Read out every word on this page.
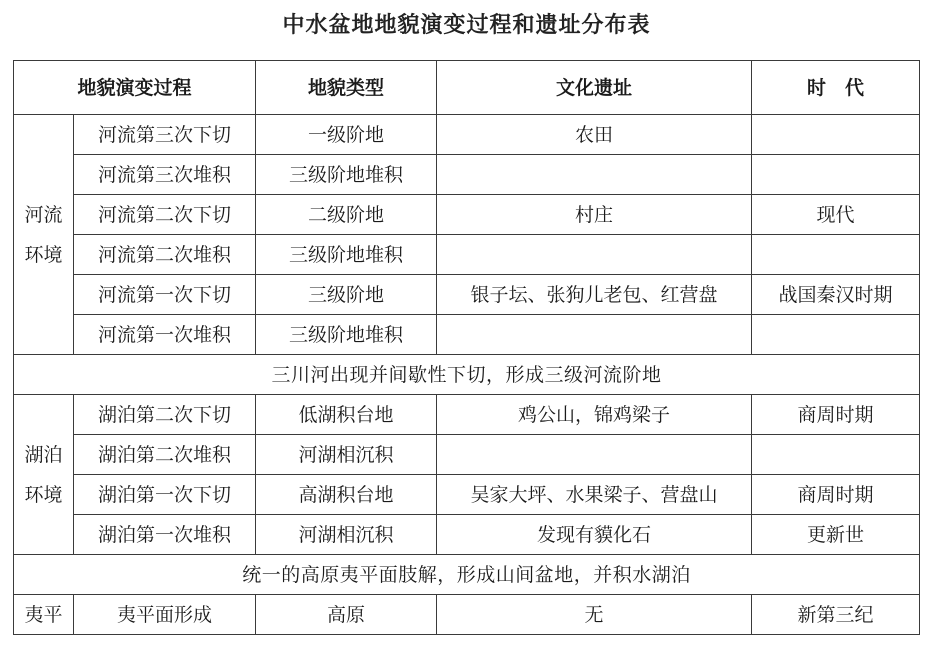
中水盆地地貌演变过程和遗址分布表
地貌演变过程		地貌类型	文化遗址	时　代
河流环境	河流第三次下切	一级阶地	农田	
	河流第三次堆积	三级阶地堆积		
	河流第二次下切	二级阶地	村庄	现代
	河流第二次堆积	三级阶地堆积		
	河流第一次下切	三级阶地	银子坛、张狗儿老包、红营盘	战国秦汉时期
	河流第一次堆积	三级阶地堆积		
三川河出现并间歇性下切，形成三级河流阶地				
湖泊环境	湖泊第二次下切	低湖积台地	鸡公山，锦鸡梁子	商周时期
	湖泊第二次堆积	河湖相沉积		
	湖泊第一次下切	高湖积台地	吴家大坪、水果梁子、营盘山	商周时期
	湖泊第一次堆积	河湖相沉积	发现有貘化石	更新世
统一的高原夷平面肢解，形成山间盆地，并积水湖泊				
夷平	夷平面形成	高原	无	新第三纪
